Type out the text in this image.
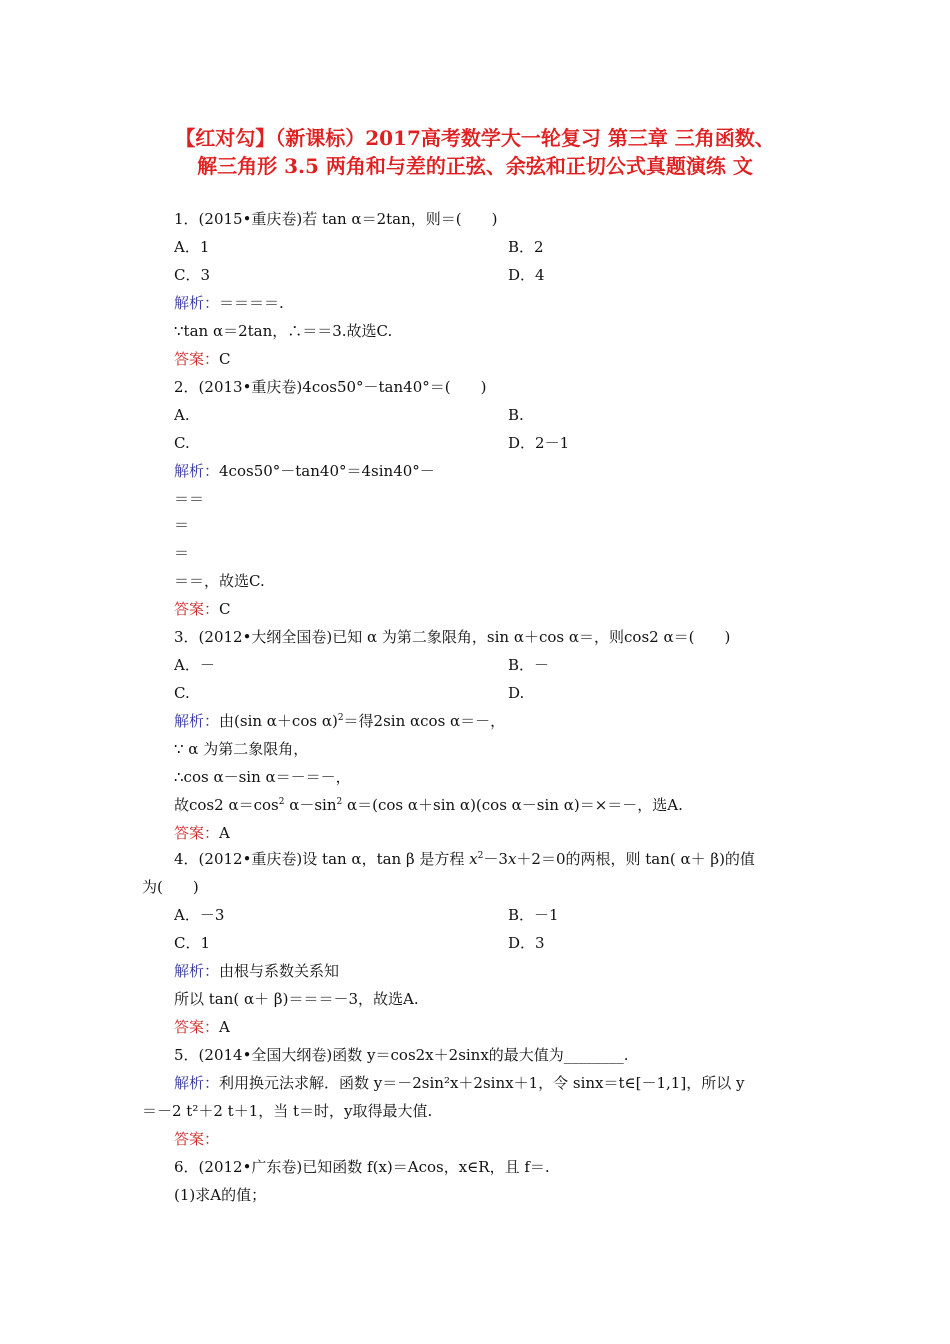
【红对勾】（新课标）2017高考数学大一轮复习 第三章 三角函数、
解三角形 3.5 两角和与差的正弦、余弦和正切公式真题演练 文
1．(2015•重庆卷)若 tan α＝2tan，则＝(　　)
A．1	B．2
C．3	D．4
解析：＝＝＝＝.
∵tan α＝2tan，∴＝＝3.故选C.
答案：C
2．(2013•重庆卷)4cos50°－tan40°＝(　　)
A.	B.
C.	D．2－1
解析：4cos50°－tan40°＝4sin40°－
＝＝
＝
＝
＝＝，故选C.
答案：C
3．(2012•大纲全国卷)已知 α 为第二象限角，sin α＋cos α＝，则cos2 α＝(　　)
A．－	B．－
C.	D.
解析：由(sin α＋cos α)$^2$＝得2sin αcos α＝－，
∵ α 为第二象限角，
∴cos α－sin α＝－＝－，
故cos2 $\alpha=\cos^2$ $\alpha-\sin^2$ α＝(cos α＋sin α)(cos α－sin α)＝×＝－，选A.
答案：A
4．(2012•重庆卷)设 tan α，tan β 是方程 $x^2-3x+2=0$的两根，则 tan( α＋ β)的值
为(　　)
A．－3	B．－1
C．1	D．3
解析：由根与系数关系知
所以 tan( α＋ β)＝＝＝－3，故选A.
答案：A
5．(2014•全国大纲卷)函数 y＝cos2x＋2sinx的最大值为________.
解析：利用换元法求解．函数 y＝－2sin²x＋2sinx＋1，令 sinx＝t∈[－1,1]，所以 y
＝－2 t²＋2 t＋1，当 t＝时，y取得最大值.
答案：
6．(2012•广东卷)已知函数 f(x)＝Acos，x∈R，且 f＝.
(1)求A的值；
